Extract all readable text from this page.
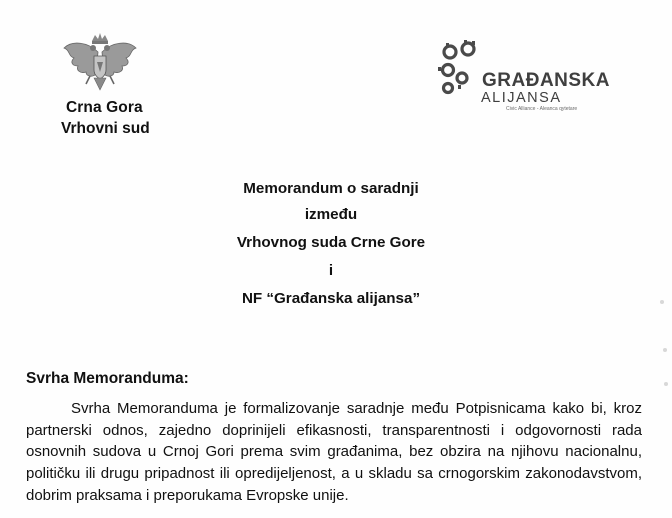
Crna Gora
Vrhovni sud
GRAĐANSKA
ALIJANSA
Civic Alliance - Aleanca qytetare
Memorandum o saradnji
između
Vrhovnog suda Crne Gore
i
NF “Građanska alijansa”
Svrha Memoranduma:

Svrha Memoranduma je formalizovanje saradnje među Potpisnicama kako bi, kroz partnerski odnos, zajedno doprinijeli efikasnosti, transparentnosti i odgovornosti rada osnovnih sudova u Crnoj Gori prema svim građanima, bez obzira na njihovu nacionalnu, političku ili drugu pripadnost ili opredijeljenost, a u skladu sa crnogorskim zakonodavstvom, dobrim praksama i preporukama Evropske unije.
